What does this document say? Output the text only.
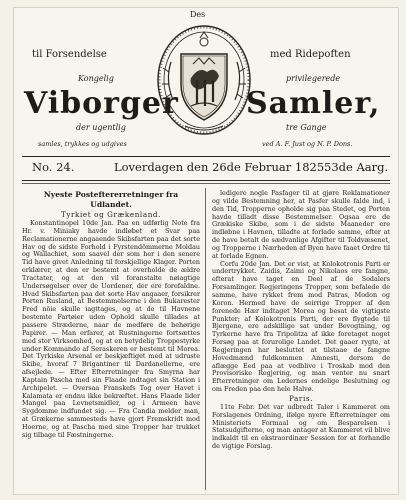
Des
til Forsendelse	med Ridepoften
Kongelig	privilegerede
Viborger Samler,
der ugentlig	tre Gange
samles, trykkes og udgives	ved A. F. Just og N. P. Dons.
No. 24.	Loverdagen den 26de Februar 1825.
53de Aarg.

Nyeste Posteftererretninger fra Udlandet.

Tyrkiet og Grækenland.

Konstantinopel 10de Jan. Paa en udførlig Note fra Hr. v. Miniaky havde indløbet et Svar paa Reclamationerne angaaende Skibsfarten paa det sorte Hav og de sidste Forhold i Fyrstendömmerne Moldau og Wallachiet, som saavel der som her i den senere Tid have givet Anledning til forskjellige Klager. Porten erklærer, at den er bestemt at overholde de ældre Tractater, og at den vil foranstalte nøiagtige Undersøgelser over de Uordener, der ere forefaldne. Hvad Skibsfarten paa det sorte Hav angaaer, forsikrer Porten Rusland, at Bestemmelserne i den Bukarester Fred nöie skulle iagttages, og at de til Havnene bestemte Fartøier uden Ophold skulle tillades at passere Stræderne, naar de medføre de behørige Papirer. — Man erfarer, at Rustningerne fortsættes med stor Virksomhed, og at en betydelig Troppestyrke under Kommando af Seraskeren er bestemt til Morea. Det Tyrkiske Arsenal er beskjæftiget med at udruste Skibe, hvoraf 7 Brigantiner til Dardanellerne, ere afsejlede. — Efter Efterretninger fra Smyrna har Kaptain Pascha med sin Flaade indtaget sin Station i Archipelet. — Oversaa Franskefs Tog over Havet i Kalamata er endnu ikke bekræftet. Hans Flaade lider Mangel paa Levnetsmidler, og i Armeen have Sygdomme indfundet sig. — Fra Candia melder man, at Grækerne sammesteds have gjort Fremskridt mod Hoerne, og at Pascha med sine Tropper har trukket sig tilbage til Fæstningerne.

ledigere nogle Pasfager til at gjøre Reklamationer og vilde Bestemning her, at Pasfer skulle falde ind, i den Tid, Tropperne opholde sig paa Stedet, og Porten havde tilladt disse Bestemmelser. Ogsaa ere de Grækiske Skibe, som i de sidste Maaneder ere indløbne i Havnen, tilladte at forlade samme, efter at de have betalt de sædvanlige Afgifter til Toldvæsenet, og Tropperne i Nærheden af Byen have faaet Ordre til at forlade Egnen.

Corfu 20de Jan. Det er vist, at Kolokotronis Parti er undertrykket. Zaidis, Zaimi og Nikolaos ere fangne, efterat have taget en Deel af de Sodalers Forsamlinger. Regjeringens Tropper, som befalede de samme, have rykket frem mod Patras, Modon og Koron. Hermed have de seirrige Tropper af den forenede Hær indtaget Morea og besat de vigtigste Punkter; af Kolokotronis Parti, der ere flygtede til Bjergene, ere adskillige sat under Bevogtning, og Tyrkerne have fra Tripolitza af ikke foretaget noget Forsøg paa at forurolige Landet. Det gaaer rygte, at Regjeringen har besluttet at tilstaae de fangne Hovedmænd fuldkommen Amnesti, dersom de aflægge Eed paa at vedblive i Troskab mod den Provisoriske Regjering, og man venter nu snart Efterretninger om Ledernes endelige Beslutning og om Freden paa den hele Halvø.

Paris.

11te Febr. Det var udbredt Taler i Kammeret om Forslagenes Ordning, ifølge nyere Efterretninger om Ministeriets Formaal og om Besparelsen i Statsudgifterne, og man antager at Kammeret vil blive indkaldt til en ekstraordinær Session for at forhandle de vigtige Forslag.
